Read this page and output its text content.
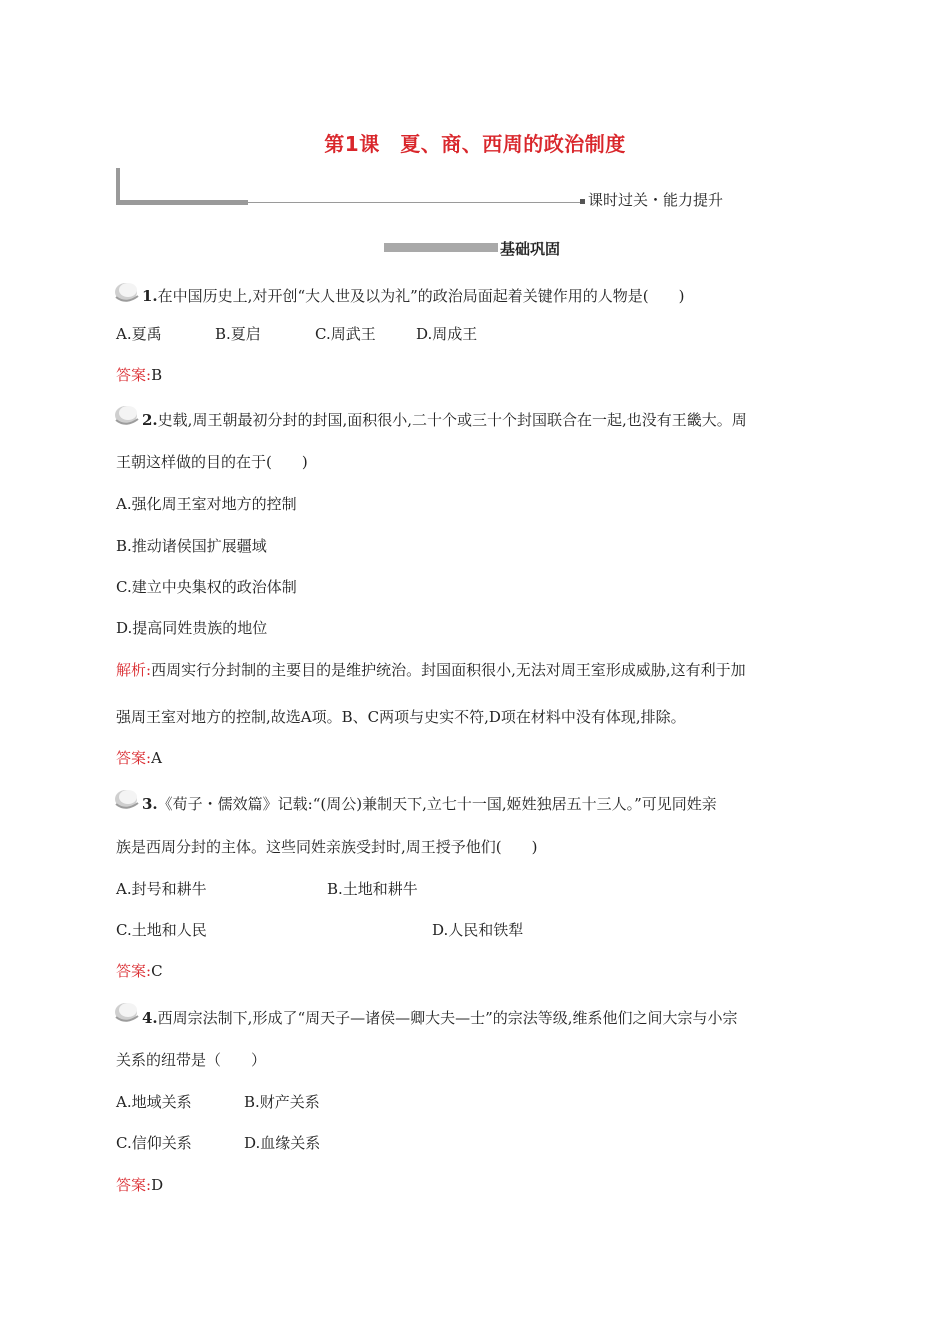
第1课　夏、商、西周的政治制度
课时过关・能力提升
基础巩固
1.在中国历史上,对开创“大人世及以为礼”的政治局面起着关键作用的人物是(　　)
A.夏禹	B.夏启	C.周武王	D.周成王
答案:B
2.史载,周王朝最初分封的封国,面积很小,二十个或三十个封国联合在一起,也没有王畿大。周
王朝这样做的目的在于(　　)
A.强化周王室对地方的控制
B.推动诸侯国扩展疆域
C.建立中央集权的政治体制
D.提高同姓贵族的地位
解析:西周实行分封制的主要目的是维护统治。封国面积很小,无法对周王室形成威胁,这有利于加
强周王室对地方的控制,故选A项。B、C两项与史实不符,D项在材料中没有体现,排除。
答案:A
3.《荀子・儒效篇》记载:“(周公)兼制天下,立七十一国,姬姓独居五十三人。”可见同姓亲
族是西周分封的主体。这些同姓亲族受封时,周王授予他们(　　)
A.封号和耕牛	B.土地和耕牛
C.土地和人民	D.人民和铁犁
答案:C
4.西周宗法制下,形成了“周天子—诸侯—卿大夫—士”的宗法等级,维系他们之间大宗与小宗
关系的纽带是（　　）
A.地域关系	B.财产关系
C.信仰关系	D.血缘关系
答案:D
